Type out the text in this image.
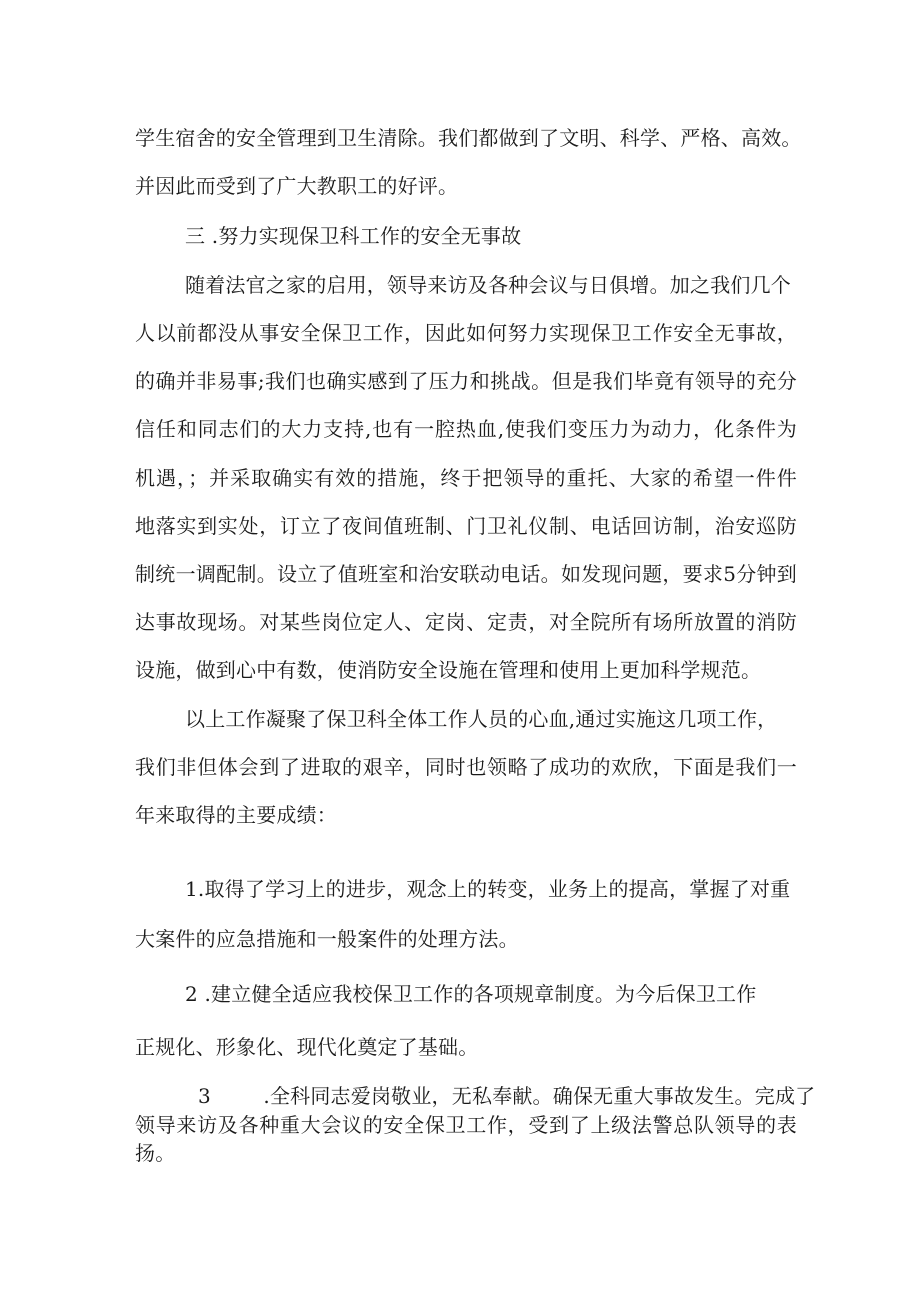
学生宿舍的安全管理到卫生清除。我们都做到了文明、科学、严格、高效。
并因此而受到了广大教职工的好评。
三 .努力实现保卫科工作的安全无事故
随着法官之家的启用，领导来访及各种会议与日俱增。加之我们几个
人以前都没从事安全保卫工作，因此如何努力实现保卫工作安全无事故，
的确并非易事;我们也确实感到了压力和挑战。但是我们毕竟有领导的充分
信任和同志们的大力支持,也有一腔热血,使我们变压力为动力，化条件为
机遇，；并采取确实有效的措施，终于把领导的重托、大家的希望一件件
地落实到实处，订立了夜间值班制、门卫礼仪制、电话回访制，治安巡防
制统一调配制。设立了值班室和治安联动电话。如发现问题，要求5分钟到
达事故现场。对某些岗位定人、定岗、定责，对全院所有场所放置的消防
设施，做到心中有数，使消防安全设施在管理和使用上更加科学规范。
以上工作凝聚了保卫科全体工作人员的心血,通过实施这几项工作，
我们非但体会到了进取的艰辛，同时也领略了成功的欢欣，下面是我们一
年来取得的主要成绩：
1.取得了学习上的进步，观念上的转变，业务上的提高，掌握了对重
大案件的应急措施和一般案件的处理方法。
2 .建立健全适应我校保卫工作的各项规章制度。为今后保卫工作
正规化、形象化、现代化奠定了基础。
3        .全科同志爱岗敬业，无私奉献。确保无重大事故发生。完成了
领导来访及各种重大会议的安全保卫工作，受到了上级法警总队领导的表
扬。
